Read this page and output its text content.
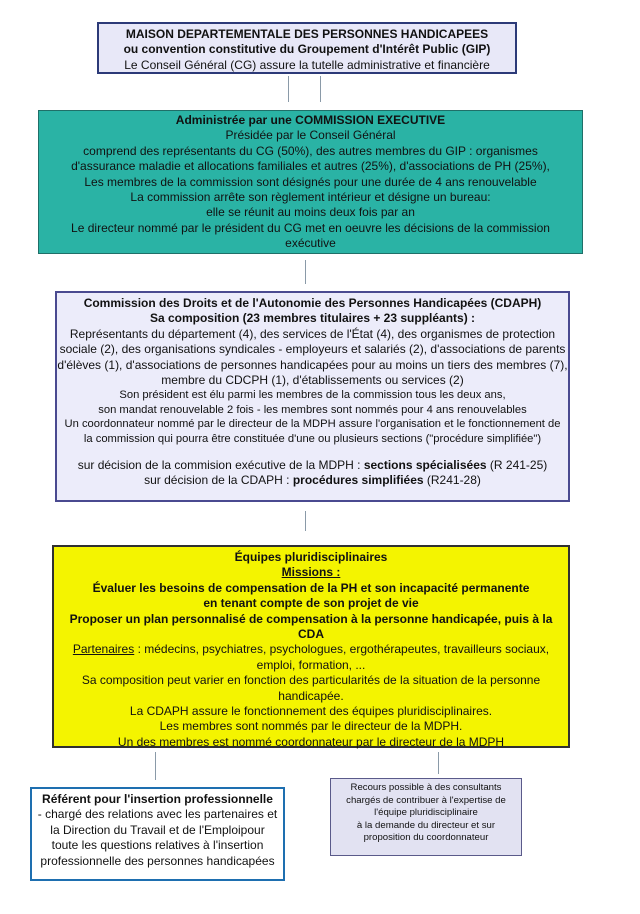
MAISON DEPARTEMENTALE DES PERSONNES HANDICAPEES
ou convention constitutive du Groupement d'Intérêt Public (GIP)
Le Conseil Général (CG) assure la tutelle administrative et financière
Administrée par une COMMISSION EXECUTIVE
Présidée par le Conseil Général
comprend des représentants du CG (50%), des autres membres du GIP : organismes
d'assurance maladie et allocations familiales et autres (25%), d'associations de PH (25%),
Les membres de la commission sont désignés pour une durée de 4 ans renouvelable
La commission arrête son règlement intérieur et désigne un bureau:
elle se réunit au moins deux fois par an
Le directeur nommé par le président du CG met en oeuvre les décisions de la commission
exécutive
Commission des Droits et de l'Autonomie des Personnes Handicapées (CDAPH)
Sa composition (23 membres titulaires + 23 suppléants) :
Représentants du département (4), des services de l'État (4), des organismes de protection
sociale (2), des organisations syndicales - employeurs et salariés (2), d'associations de parents
d'élèves (1), d'associations de personnes handicapées pour au moins un tiers des membres (7),
membre du CDCPH (1), d'établissements ou services (2)
Son président est élu parmi les membres de la commission tous les deux ans,
son mandat renouvelable 2 fois - les membres sont nommés pour 4 ans renouvelables
Un coordonnateur nommé par le directeur de la MDPH assure l'organisation et le fonctionnement de
la commission qui pourra être constituée d'une ou plusieurs sections ("procédure simplifiée")
sur décision de la commision exécutive de la MDPH : sections spécialisées (R 241-25)
sur décision de la CDAPH : procédures simplifiées (R241-28)
Équipes pluridisciplinaires
Missions :
Évaluer les besoins de compensation de la PH et son incapacité permanente
en tenant compte de son projet de vie
Proposer un plan personnalisé de compensation à la personne handicapée, puis à la
CDA
Partenaires : médecins, psychiatres, psychologues, ergothérapeutes, travailleurs sociaux,
emploi, formation, ...
Sa composition peut varier en fonction des particularités de la situation de la personne
handicapée.
La CDAPH assure le fonctionnement des équipes pluridisciplinaires.
Les membres sont nommés par le directeur de la MDPH.
Un des membres est nommé coordonnateur par le directeur de la MDPH
Référent pour l'insertion professionnelle
- chargé des relations avec les partenaires et
la Direction du Travail et de l'Emploipour
toute les questions relatives à l'insertion
professionnelle des personnes handicapées
Recours possible à des consultants
chargés de contribuer à l'expertise de
l'équipe pluridisciplinaire
à la demande du directeur et sur
proposition du coordonnateur
